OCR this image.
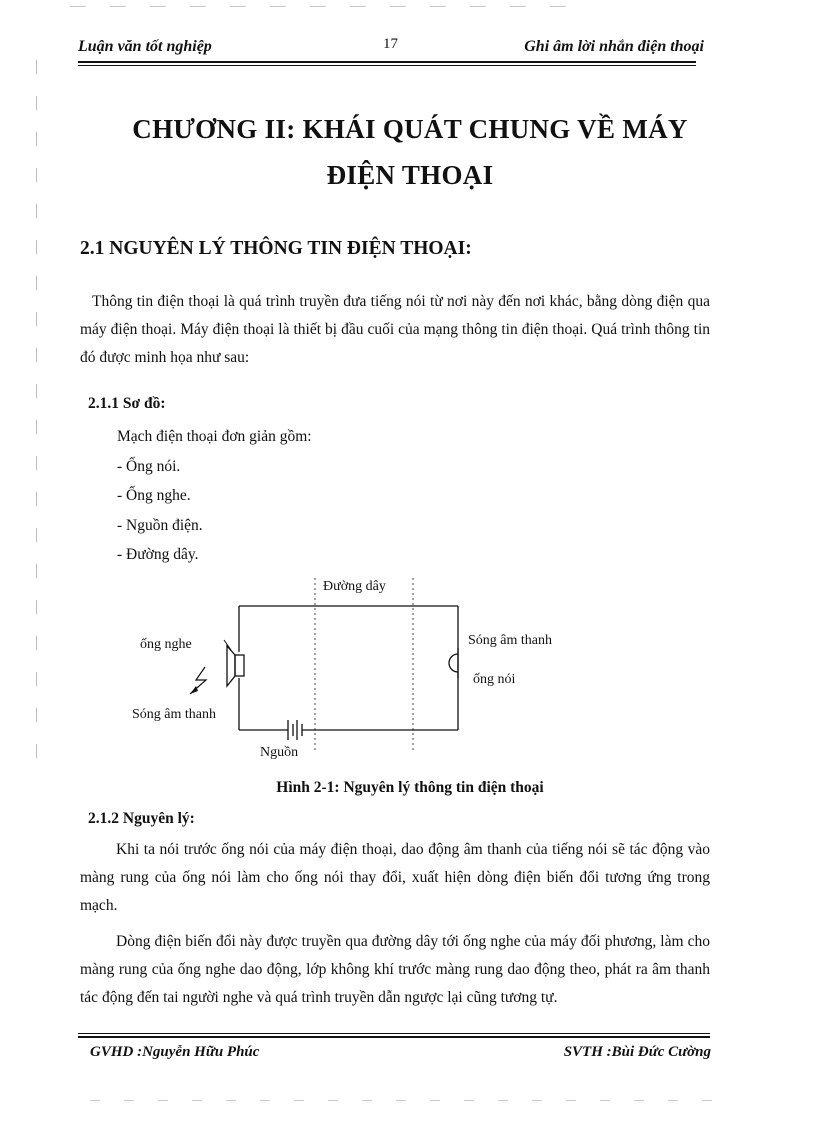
Luận văn tốt nghiệp	17	Ghi âm lời nhắn điện thoại
CHƯƠNG II: KHÁI QUÁT CHUNG VỀ MÁY
ĐIỆN THOẠI
2.1 NGUYÊN LÝ THÔNG TIN ĐIỆN THOẠI:

Thông tin điện thoại là quá trình truyền đưa tiếng nói từ nơi này đến nơi khác, bằng dòng điện qua máy điện thoại. Máy điện thoại là thiết bị đầu cuối của mạng thông tin điện thoại. Quá trình thông tin đó được minh họa như sau:

2.1.1 Sơ đồ:
Mạch điện thoại đơn giản gồm:
- Ống nói.
- Ống nghe.
- Nguồn điện.
- Đường dây.
Đường dây
ống nghe
Sóng âm thanh
Sóng âm thanh
ống nói
Nguồn
Hình 2-1: Nguyên lý thông tin điện thoại
2.1.2 Nguyên lý:

Khi ta nói trước ống nói của máy điện thoại, dao động âm thanh của tiếng nói sẽ tác động vào màng rung của ống nói làm cho ống nói thay đổi, xuất hiện dòng điện biến đổi tương ứng trong mạch.

Dòng điện biến đổi này được truyền qua đường dây tới ống nghe của máy đối phương, làm cho màng rung của ống nghe dao động, lớp không khí trước màng rung dao động theo, phát ra âm thanh tác động đến tai người nghe và quá trình truyền dẫn ngược lại cũng tương tự.

GVHD :Nguyễn Hữu Phúc	SVTH :Bùi Đức Cường
